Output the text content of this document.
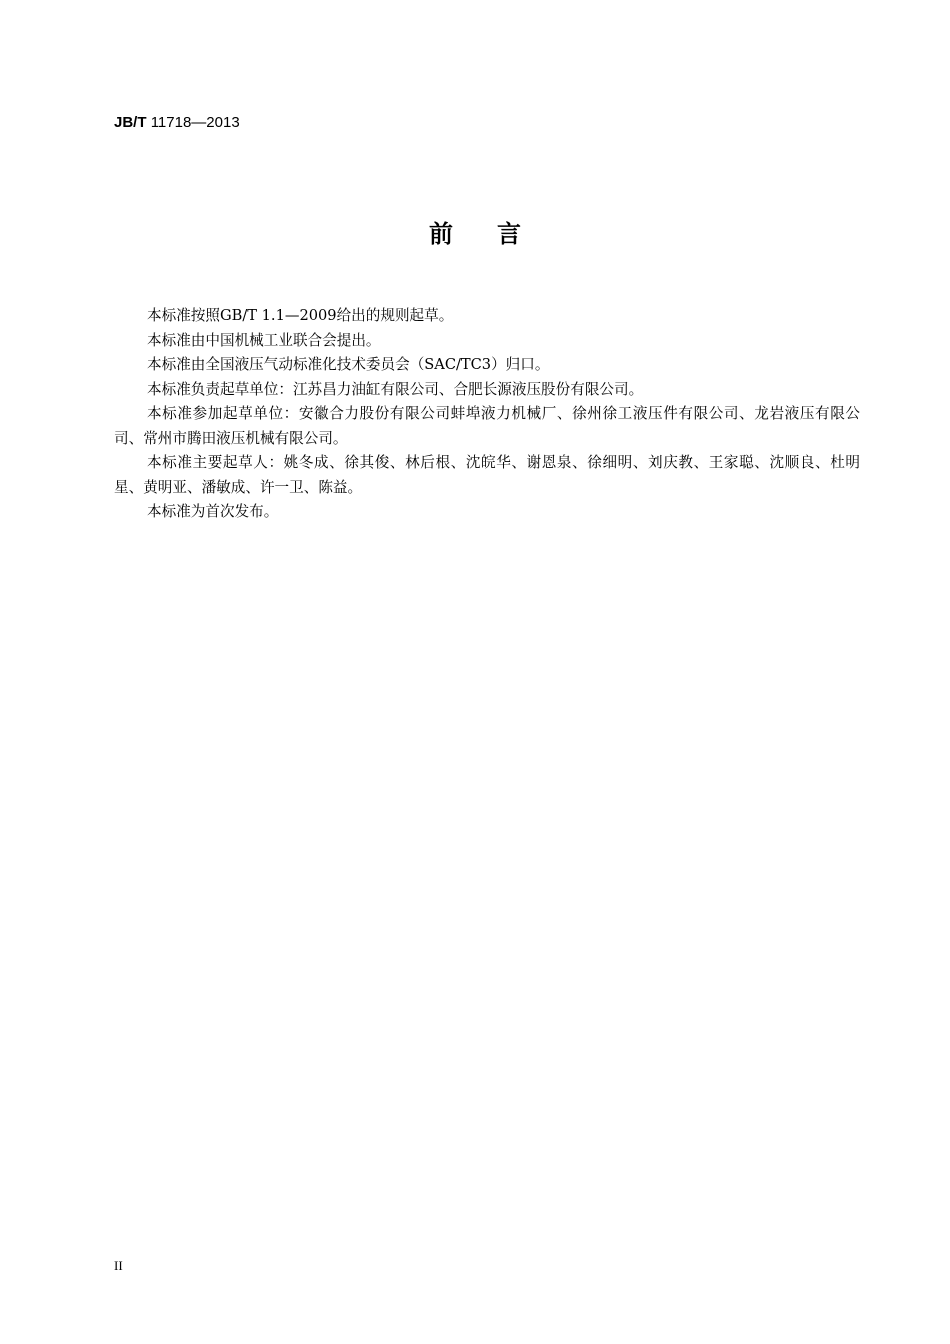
JB/T 11718—2013
前言

本标准按照GB/T 1.1—2009给出的规则起草。

本标准由中国机械工业联合会提出。

本标准由全国液压气动标准化技术委员会（SAC/TC3）归口。

本标准负责起草单位：江苏昌力油缸有限公司、合肥长源液压股份有限公司。

本标准参加起草单位：安徽合力股份有限公司蚌埠液力机械厂、徐州徐工液压件有限公司、龙岩液压有限公司、常州市腾田液压机械有限公司。

本标准主要起草人：姚冬成、徐其俊、林后根、沈皖华、谢恩泉、徐细明、刘庆教、王家聪、沈顺良、杜明星、黄明亚、潘敏成、许一卫、陈益。

本标准为首次发布。

II
